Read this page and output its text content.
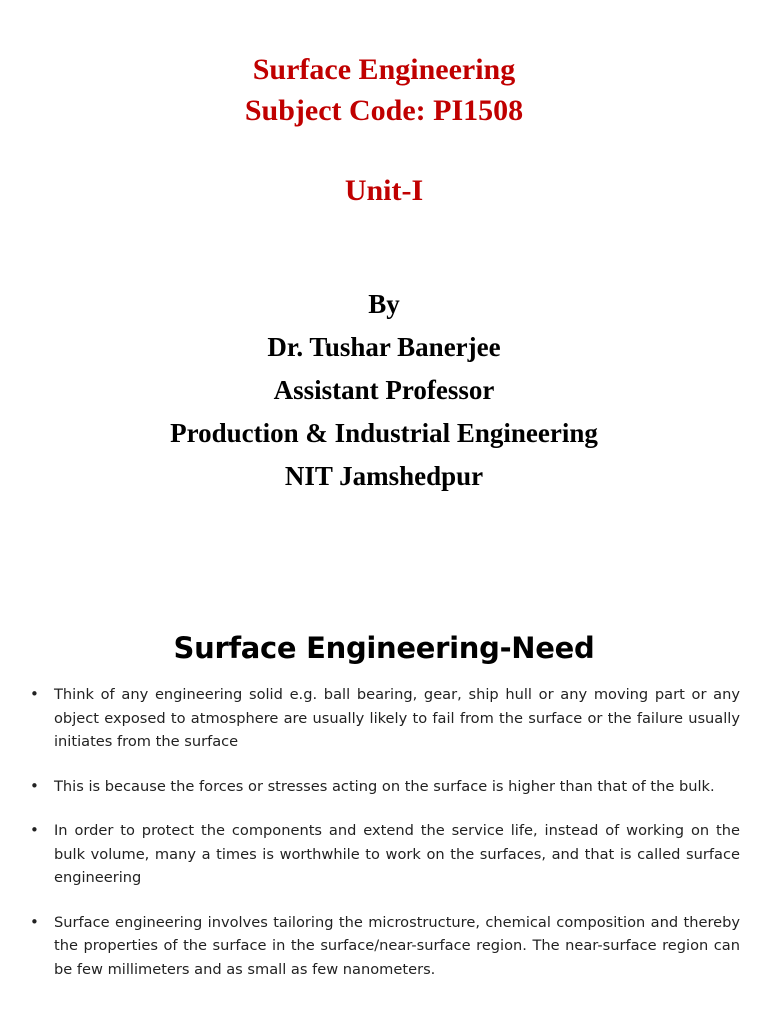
Surface Engineering

Subject Code: PI1508

Unit-I

By

Dr. Tushar Banerjee

Assistant Professor

Production & Industrial Engineering

NIT Jamshedpur

Surface Engineering-Need
• Think of any engineering solid e.g. ball bearing, gear, ship hull or any moving part or any object exposed to atmosphere are usually likely to fail from the surface or the failure usually initiates from the surface
• This is because the forces or stresses acting on the surface is higher than that of the bulk.
• In order to protect the components and extend the service life, instead of working on the bulk volume, many a times is worthwhile to work on the surfaces, and that is called surface engineering
• Surface engineering involves tailoring the microstructure, chemical composition and thereby the properties of the surface in the surface/near-surface region. The near-surface region can be few millimeters and as small as few nanometers.
